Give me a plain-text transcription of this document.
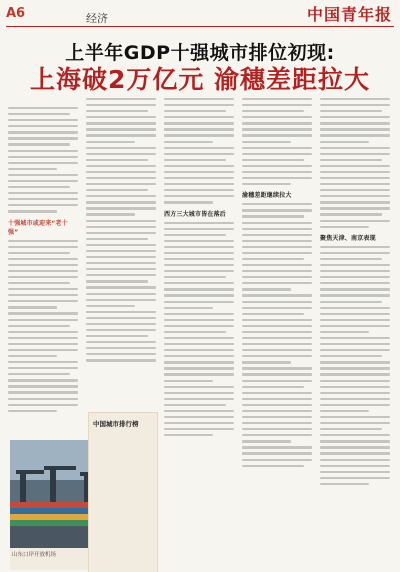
A6	经济
	中国青年报
上半年GDP十强城市排位初现:
上海破2万亿元 渝穗差距拉大

十强城市或迎来“老十强”
西方三大城市皆在落后
渝穗差距继续拉大
聚焦天津、南京表现
山东口岸开放机场
中国城市排行榜
